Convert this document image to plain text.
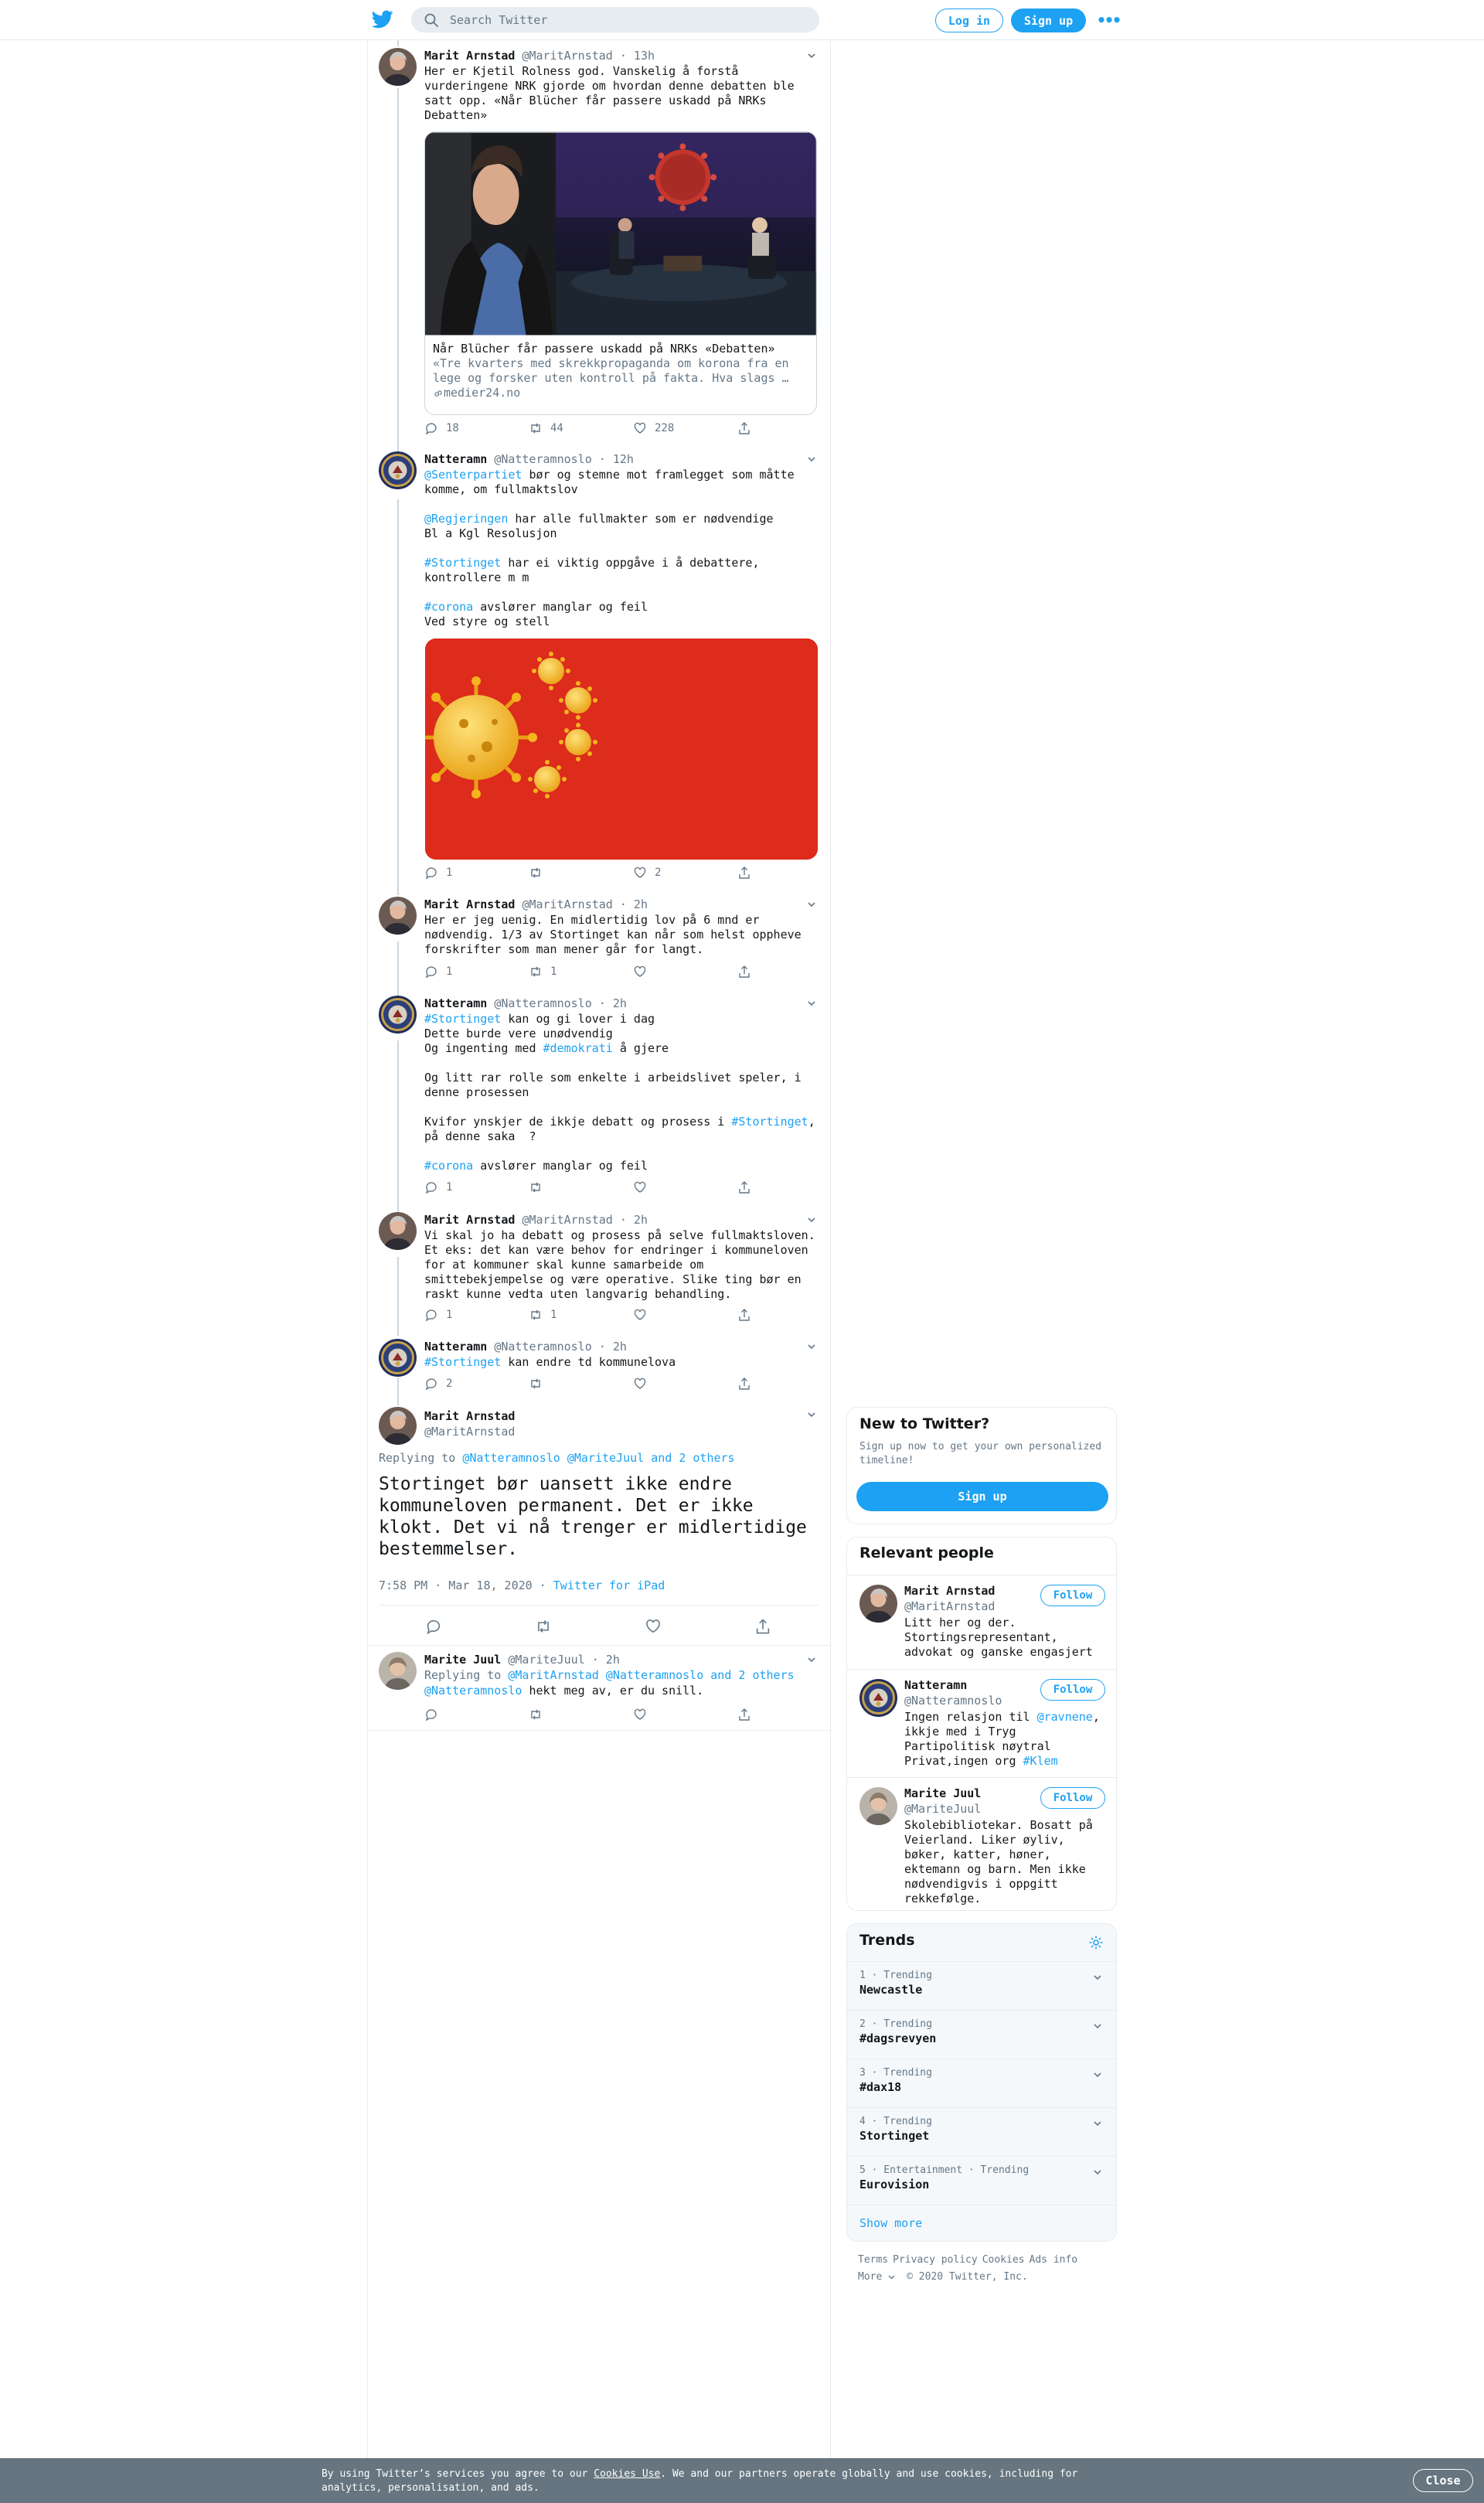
Search Twitter
Log in	Sign up	•••
Marit Arnstad @MaritArnstad · 13h
Her er Kjetil Rolness god. Vanskelig å forstå vurderingene NRK gjorde om hvordan denne debatten ble satt opp. «Når Blücher får passere uskadd på NRKs Debatten»
Når Blücher får passere uskadd på NRKs «Debatten»
«Tre kvarters med skrekkpropaganda om korona fra en lege og forsker uten kontroll på fakta. Hva slags …
medier24.no
18	44	228
Natteramn @Natteramnoslo · 12h
@Senterpartiet bør og stemne mot framlegget som måtte komme, om fullmaktslov
@Regjeringen har alle fullmakter som er nødvendige
Bl a Kgl Resolusjon
#Stortinget har ei viktig oppgåve i å debattere, kontrollere m m
#corona avslører manglar og feil
Ved styre og stell
1	2
Marit Arnstad @MaritArnstad · 2h
Her er jeg uenig. En midlertidig lov på 6 mnd er nødvendig. 1/3 av Stortinget kan når som helst oppheve forskrifter som man mener går for langt.
1	1
Natteramn @Natteramnoslo · 2h
#Stortinget kan og gi lover i dag
Dette burde vere unødvendig
Og ingenting med #demokrati å gjere
Og litt rar rolle som enkelte i arbeidslivet speler, i denne prosessen
Kvifor ynskjer de ikkje debatt og prosess i #Stortinget,
på denne saka  ?
#corona avslører manglar og feil
1
Marit Arnstad @MaritArnstad · 2h
Vi skal jo ha debatt og prosess på selve fullmaktsloven. Et eks: det kan være behov for endringer i kommuneloven for at kommuner skal kunne samarbeide om smittebekjempelse og være operative. Slike ting bør en raskt kunne vedta uten langvarig behandling.
1	1
Natteramn @Natteramnoslo · 2h
#Stortinget kan endre td kommunelova
2
Marit Arnstad
@MaritArnstad
Replying to @Natteramnoslo @MariteJuul and 2 others
Stortinget bør uansett ikke endre kommuneloven permanent. Det er ikke klokt. Det vi nå trenger er midlertidige bestemmelser.
7:58 PM · Mar 18, 2020 · Twitter for iPad
Marite Juul @MariteJuul · 2h
Replying to @MaritArnstad @Natteramnoslo and 2 others
@Natteramnoslo hekt meg av, er du snill.
New to Twitter?
Sign up now to get your own personalized timeline!
Sign up
Relevant people
Marit Arnstad
@MaritArnstad
Follow
Litt her og der. Stortingsrepresentant, advokat og ganske engasjert
Natteramn
@Natteramnoslo
Follow
Ingen relasjon til @ravnene, ikkje med i Tryg Partipolitisk nøytral Privat,ingen org #Klem
Marite Juul
@MariteJuul
Follow
Skolebibliotekar. Bosatt på Veierland. Liker øyliv, bøker, katter, høner, ektemann og barn. Men ikke nødvendigvis i oppgitt rekkefølge.
Trends
1 · Trending
Newcastle
2 · Trending
#dagsrevyen
3 · Trending
#dax18
4 · Trending
Stortinget
5 · Entertainment · Trending
Eurovision
Show more
Terms Privacy policy Cookies Ads info
More © 2020 Twitter, Inc.
By using Twitter’s services you agree to our Cookies Use. We and our partners operate globally and use cookies, including for analytics, personalisation, and ads.
Close
